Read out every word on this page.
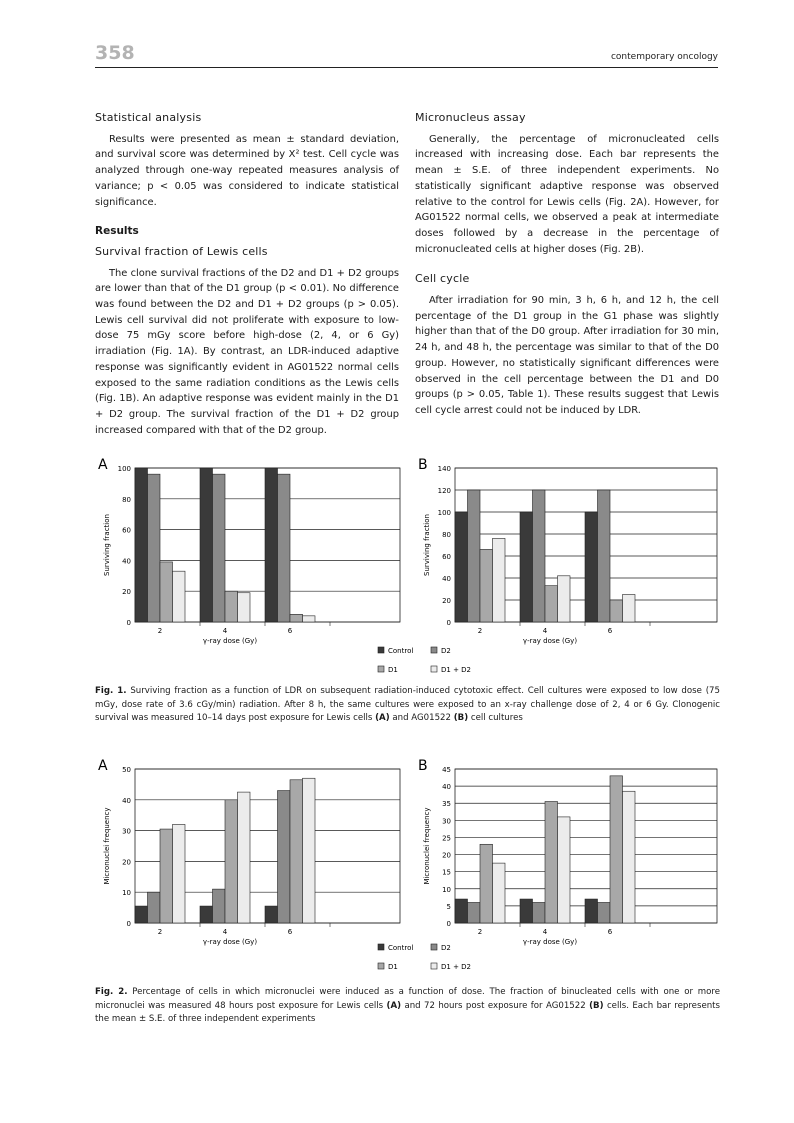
358	contemporary oncology
Statistical analysis

Results were presented as mean ± standard deviation, and survival score was determined by Χ² test. Cell cycle was analyzed through one-way repeated measures analysis of variance; p < 0.05 was considered to indicate statistical significance.

Results
Survival fraction of Lewis cells

The clone survival fractions of the D2 and D1 + D2 groups are lower than that of the D1 group (p < 0.01). No difference was found between the D2 and D1 + D2 groups (p > 0.05). Lewis cell survival did not proliferate with exposure to low-dose 75 mGy score before high-dose (2, 4, or 6 Gy) irradiation (Fig. 1A). By contrast, an LDR-induced adaptive response was significantly evident in AG01522 normal cells exposed to the same radiation conditions as the Lewis cells (Fig. 1B). An adaptive response was evident mainly in the D1 + D2 group. The survival fraction of the D1 + D2 group increased compared with that of the D2 group.

Micronucleus assay

Generally, the percentage of micronucleated cells increased with increasing dose. Each bar represents the mean ± S.E. of three independent experiments. No statistically significant adaptive response was observed relative to the control for Lewis cells (Fig. 2A). However, for AG01522 normal cells, we observed a peak at intermediate doses followed by a decrease in the percentage of micronucleated cells at higher doses (Fig. 2B).

Cell cycle

After irradiation for 90 min, 3 h, 6 h, and 12 h, the cell percentage of the D1 group in the G1 phase was slightly higher than that of the D0 group. After irradiation for 30 min, 24 h, and 48 h, the percentage was similar to that of the D0 group. However, no statistically significant differences were observed in the cell percentage between the D1 and D0 groups (p > 0.05, Table 1). These results suggest that Lewis cell cycle arrest could not be induced by LDR.

A
0
20
40
60
80
100
2	4	6
γ-ray dose (Gy)
Surviving fraction
B
0
20
40
60
80
100
120
140
2	4	6
γ-ray dose (Gy)
Surviving fraction
Control	D2
D1	D1 + D2
Fig. 1. Surviving fraction as a function of LDR on subsequent radiation-induced cytotoxic effect. Cell cultures were exposed to low dose (75 mGy, dose rate of 3.6 cGy/min) radiation. After 8 h, the same cultures were exposed to an x-ray challenge dose of 2, 4 or 6 Gy. Clonogenic survival was measured 10–14 days post exposure for Lewis cells (A) and AG01522 (B) cell cultures
A
0
10
20
30
40
50
2	4	6
γ-ray dose (Gy)
Micronuclei frequency
B
0
5
10
15
20
25
30
35
40
45
2	4	6
γ-ray dose (Gy)
Micronuclei frequency
Control	D2
D1	D1 + D2
Fig. 2. Percentage of cells in which micronuclei were induced as a function of dose. The fraction of binucleated cells with one or more micronuclei was measured 48 hours post exposure for Lewis cells (A) and 72 hours post exposure for AG01522 (B) cells. Each bar represents the mean ± S.E. of three independent experiments
